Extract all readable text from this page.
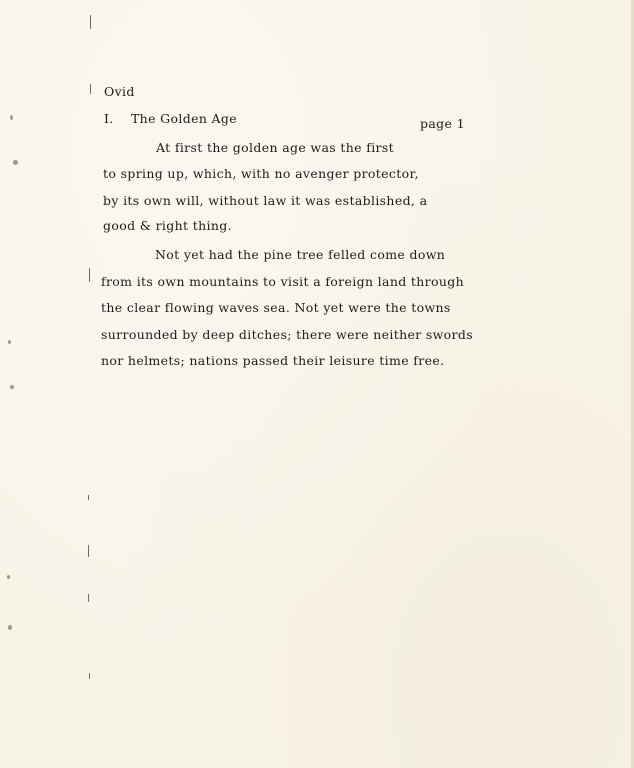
Ovid
I. The Golden Age	page 1
At first the golden age was the first
to spring up, which, with no avenger protector,
by its own will, without law it was established, a
good & right thing.
Not yet had the pine tree felled come down
from its own mountains to visit a foreign land through
the clear flowing waves sea. Not yet were the towns
surrounded by deep ditches; there were neither swords
nor helmets; nations passed their leisure time free.
